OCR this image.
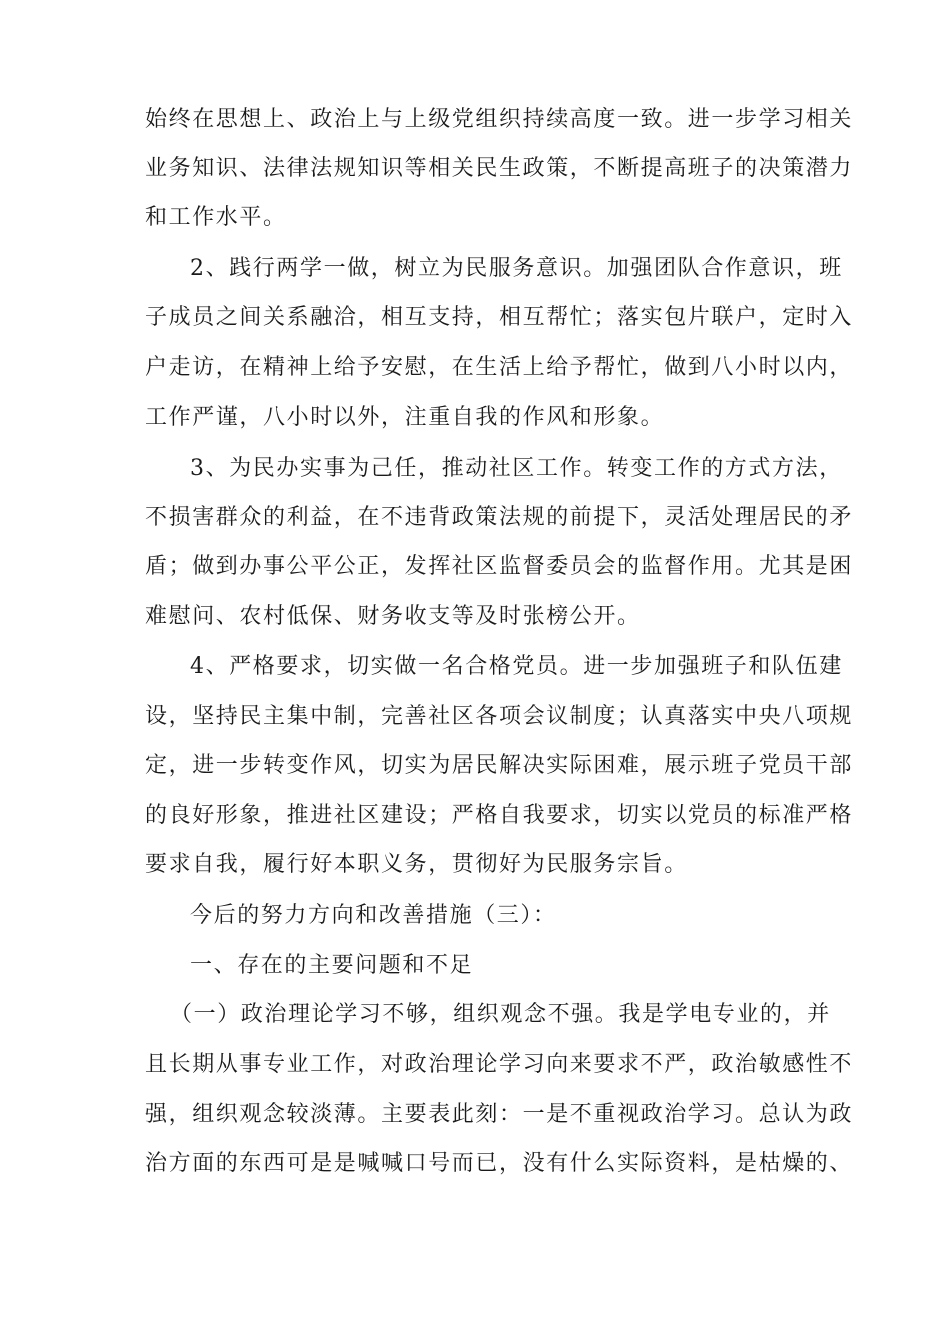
始终在思想上、政治上与上级党组织持续高度一致。进一步学习相关
业务知识、法律法规知识等相关民生政策，不断提高班子的决策潜力
和工作水平。
2、践行两学一做，树立为民服务意识。加强团队合作意识，班
子成员之间关系融洽，相互支持，相互帮忙；落实包片联户，定时入
户走访，在精神上给予安慰，在生活上给予帮忙，做到八小时以内，
工作严谨，八小时以外，注重自我的作风和形象。
3、为民办实事为己任，推动社区工作。转变工作的方式方法，
不损害群众的利益，在不违背政策法规的前提下，灵活处理居民的矛
盾；做到办事公平公正，发挥社区监督委员会的监督作用。尤其是困
难慰问、农村低保、财务收支等及时张榜公开。
4、严格要求，切实做一名合格党员。进一步加强班子和队伍建
设，坚持民主集中制，完善社区各项会议制度；认真落实中央八项规
定，进一步转变作风，切实为居民解决实际困难，展示班子党员干部
的良好形象，推进社区建设；严格自我要求，切实以党员的标准严格
要求自我，履行好本职义务，贯彻好为民服务宗旨。
今后的努力方向和改善措施（三）：
一、存在的主要问题和不足
（一）政治理论学习不够，组织观念不强。我是学电专业的，并
且长期从事专业工作，对政治理论学习向来要求不严，政治敏感性不
强，组织观念较淡薄。主要表此刻：一是不重视政治学习。总认为政
治方面的东西可是是喊喊口号而已，没有什么实际资料，是枯燥的、
